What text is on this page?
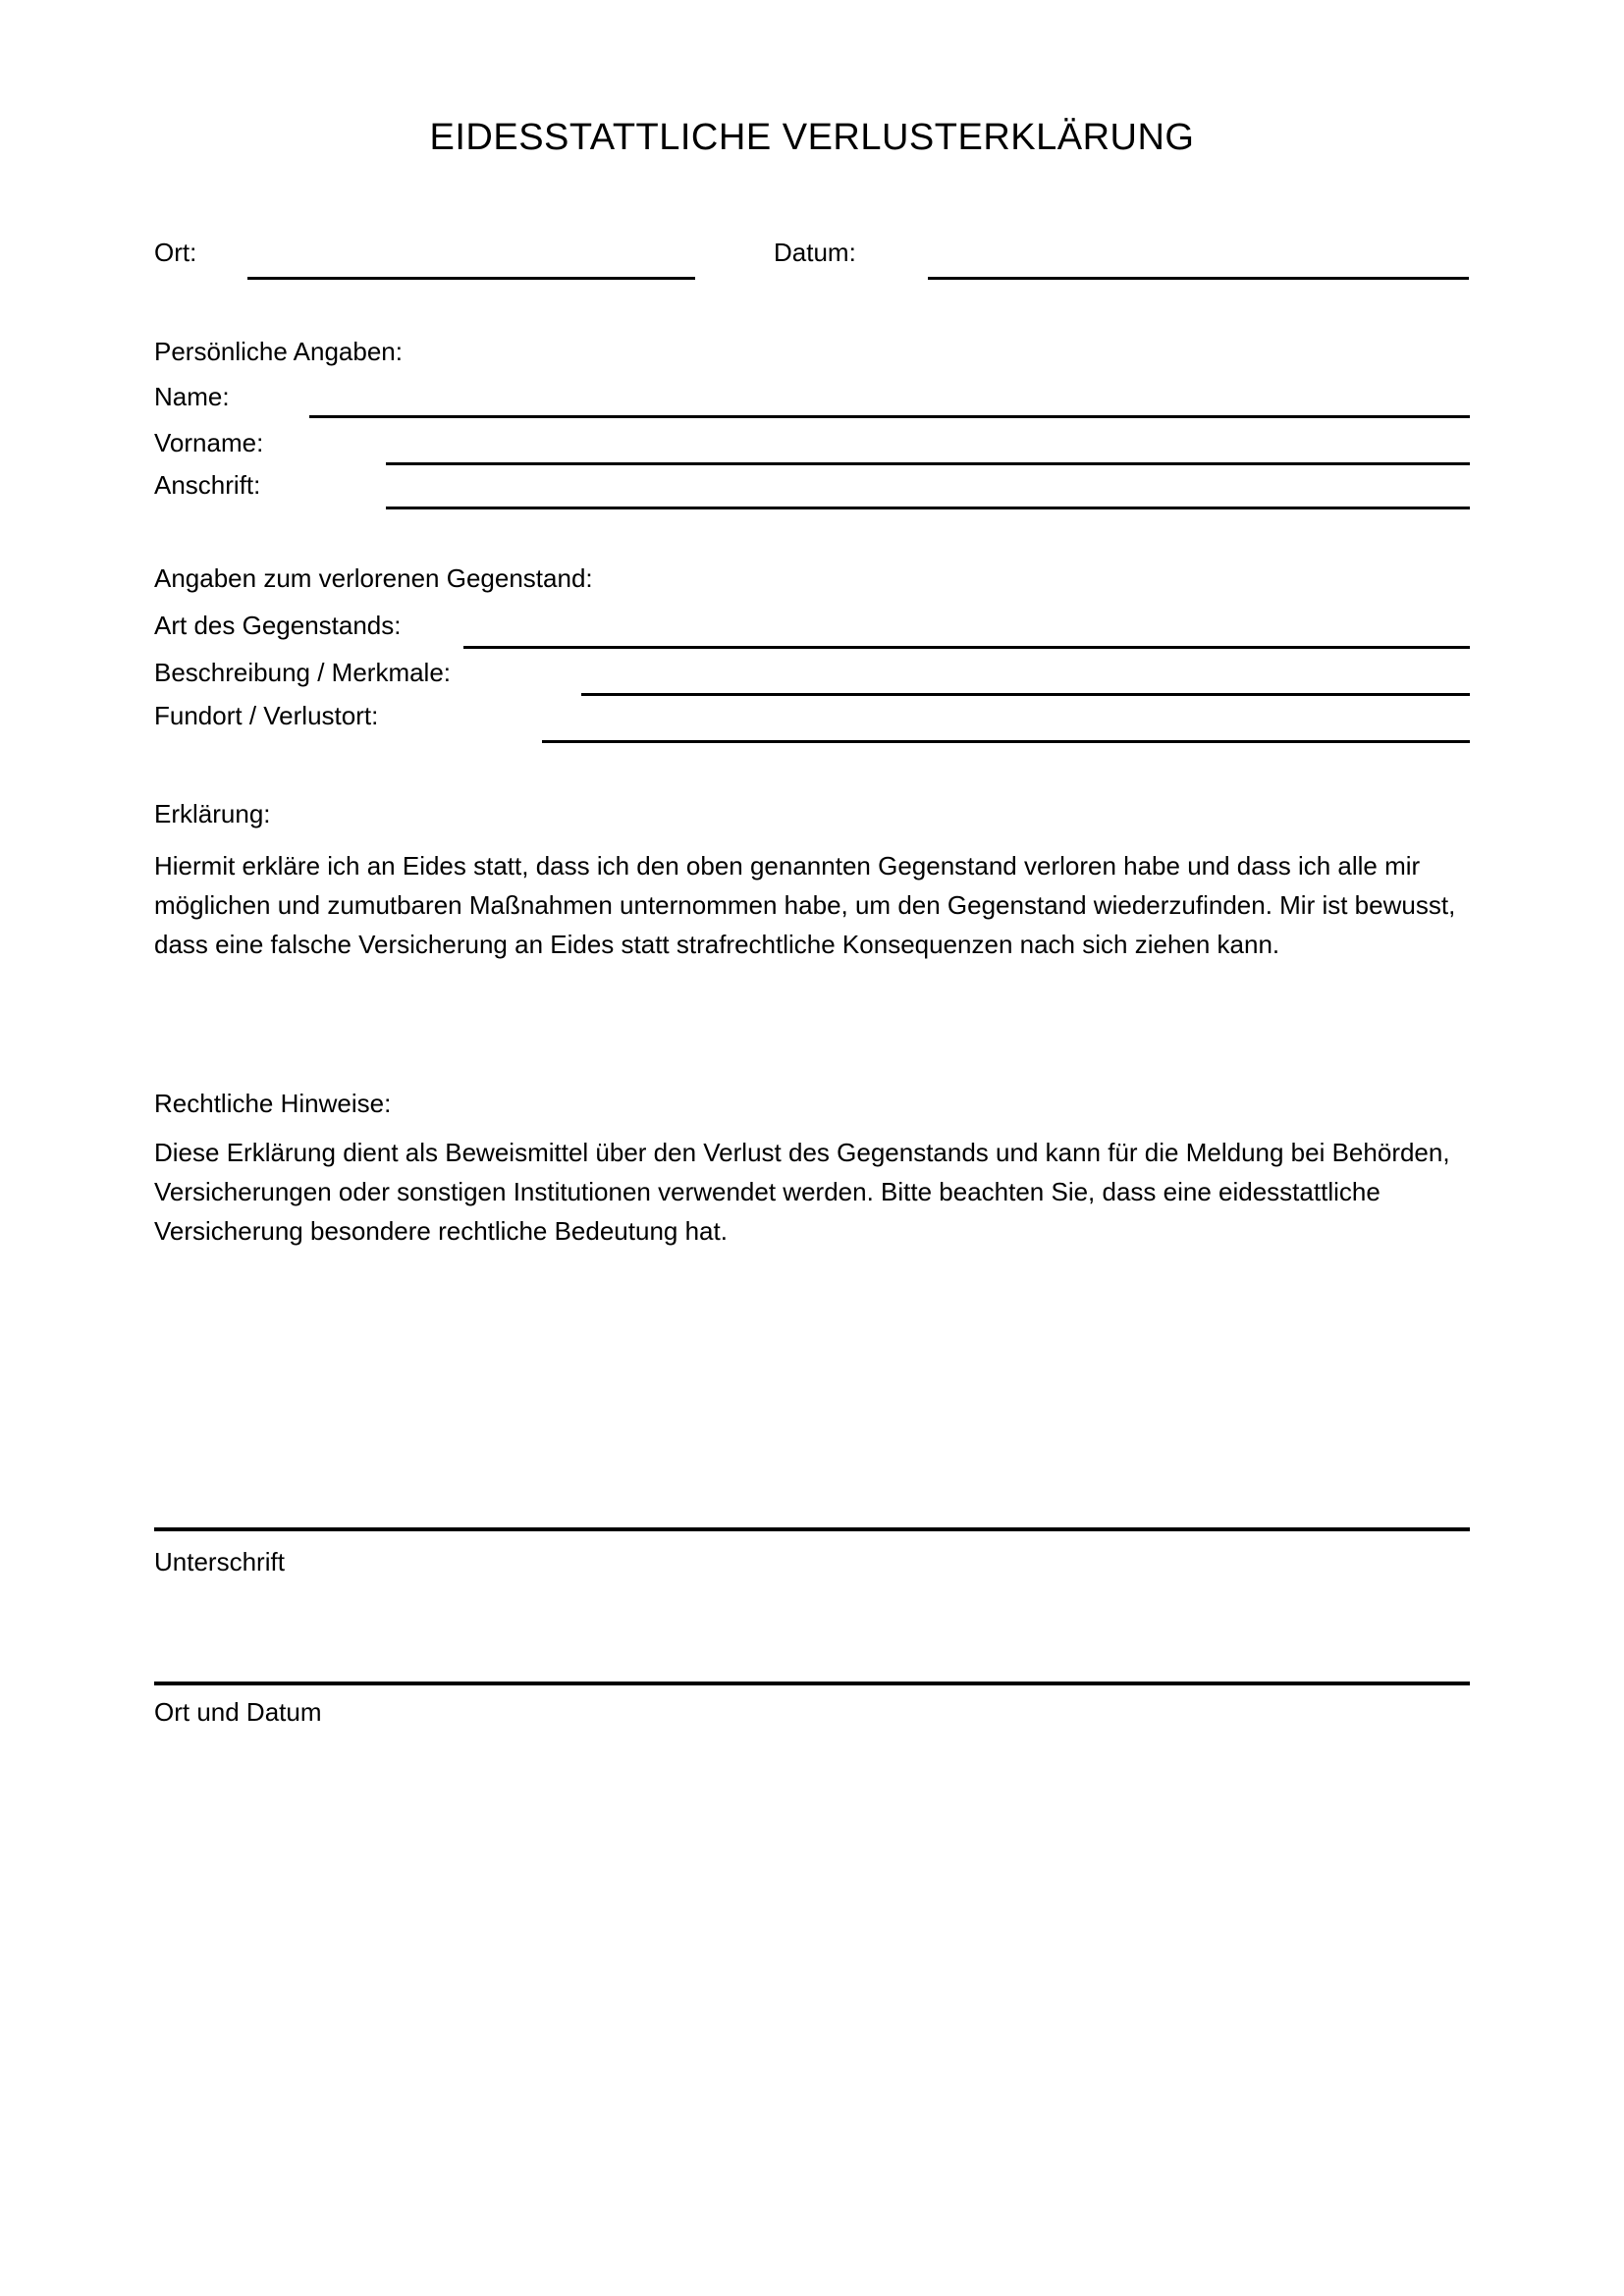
EIDESSTATTLICHE VERLUSTERKLÄRUNG
Ort:	Datum:
Persönliche Angaben:
Name:
Vorname:
Anschrift:
Angaben zum verlorenen Gegenstand:
Art des Gegenstands:
Beschreibung / Merkmale:
Fundort / Verlustort:
Erklärung:
Hiermit erkläre ich an Eides statt, dass ich den oben genannten Gegenstand verloren habe und dass ich alle mir möglichen und zumutbaren Maßnahmen unternommen habe, um den Gegenstand wiederzufinden. Mir ist bewusst, dass eine falsche Versicherung an Eides statt strafrechtliche Konsequenzen nach sich ziehen kann.
Rechtliche Hinweise:
Diese Erklärung dient als Beweismittel über den Verlust des Gegenstands und kann für die Meldung bei Behörden, Versicherungen oder sonstigen Institutionen verwendet werden. Bitte beachten Sie, dass eine eidesstattliche Versicherung besondere rechtliche Bedeutung hat.
Unterschrift
Ort und Datum
